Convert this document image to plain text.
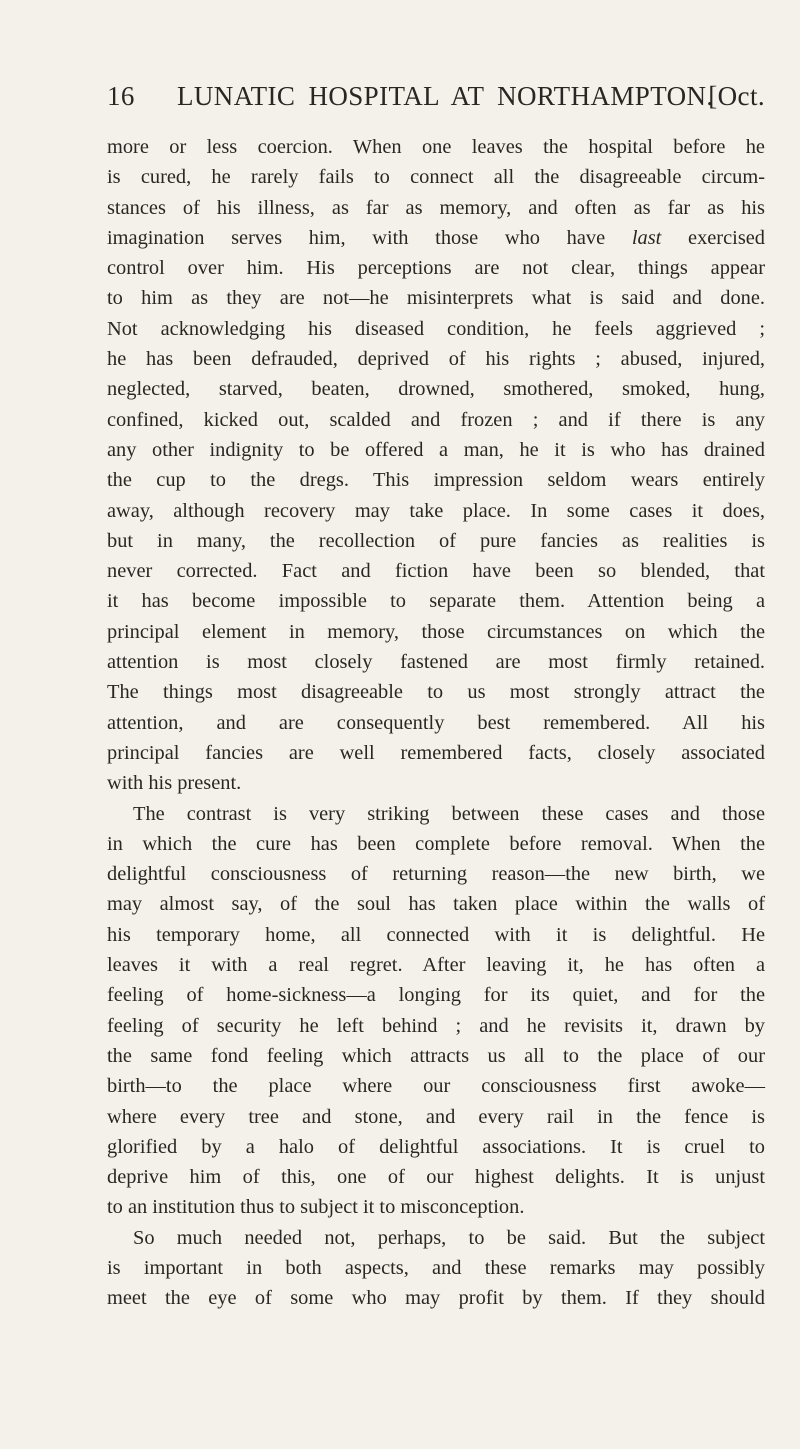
16 LUNATIC HOSPITAL AT NORTHAMPTON.
[Oct.
more or less coercion. When one leaves the hospital before he
is cured, he rarely fails to connect all the disagreeable circum-
stances of his illness, as far as memory, and often as far as his
imagination serves him, with those who have last exercised
control over him. His perceptions are not clear, things appear
to him as they are not—he misinterprets what is said and done.
Not acknowledging his diseased condition, he feels aggrieved ;
he has been defrauded, deprived of his rights ; abused, injured,
neglected, starved, beaten, drowned, smothered, smoked, hung,
confined, kicked out, scalded and frozen ; and if there is any
any other indignity to be offered a man, he it is who has drained
the cup to the dregs. This impression seldom wears entirely
away, although recovery may take place. In some cases it does,
but in many, the recollection of pure fancies as realities is
never corrected. Fact and fiction have been so blended, that
it has become impossible to separate them. Attention being a
principal element in memory, those circumstances on which the
attention is most closely fastened are most firmly retained.
The things most disagreeable to us most strongly attract the
attention, and are consequently best remembered. All his
principal fancies are well remembered facts, closely associated
with his present.
The contrast is very striking between these cases and those
in which the cure has been complete before removal. When the
delightful consciousness of returning reason—the new birth, we
may almost say, of the soul has taken place within the walls of
his temporary home, all connected with it is delightful. He
leaves it with a real regret. After leaving it, he has often a
feeling of home-sickness—a longing for its quiet, and for the
feeling of security he left behind ; and he revisits it, drawn by
the same fond feeling which attracts us all to the place of our
birth—to the place where our consciousness first awoke—
where every tree and stone, and every rail in the fence is
glorified by a halo of delightful associations. It is cruel to
deprive him of this, one of our highest delights. It is unjust
to an institution thus to subject it to misconception.
So much needed not, perhaps, to be said. But the subject
is important in both aspects, and these remarks may possibly
meet the eye of some who may profit by them. If they should
